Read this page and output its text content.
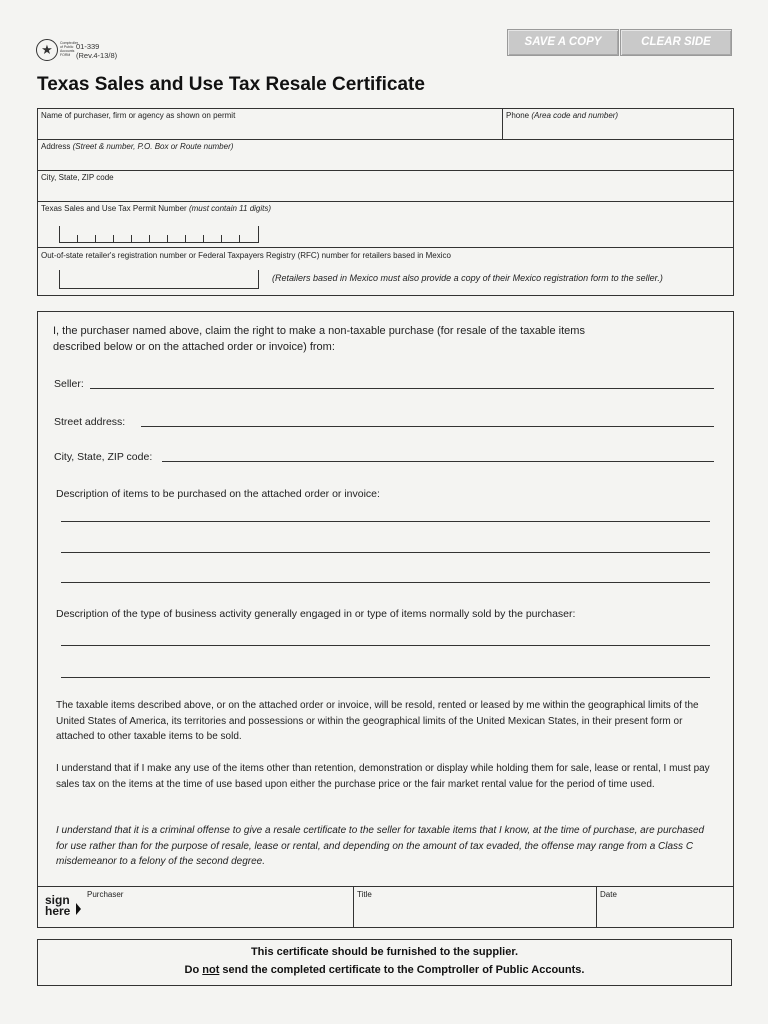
★	Comptroller of Public Accounts FORM
01-339
(Rev.4-13/8)
SAVE A COPY	CLEAR SIDE
Texas Sales and Use Tax Resale Certificate
Name of purchaser, firm or agency as shown on permit	Phone (Area code and number)
Address (Street & number, P.O. Box or Route number)
City, State, ZIP code
Texas Sales and Use Tax Permit Number (must contain 11 digits)
Out-of-state retailer's registration number or Federal Taxpayers Registry (RFC) number for retailers based in Mexico
(Retailers based in Mexico must also provide a copy of their Mexico registration form to the seller.)
I, the purchaser named above, claim the right to make a non-taxable purchase (for resale of the taxable items
described below or on the attached order or invoice) from:
Seller:
Street address:
City, State, ZIP code:
Description of items to be purchased on the attached order or invoice:
Description of the type of business activity generally engaged in or type of items normally sold by the purchaser:
The taxable items described above, or on the attached order or invoice, will be resold, rented or leased by me within the geographical limits of the United States of America, its territories and possessions or within the geographical limits of the United Mexican States, in their present form or attached to other taxable items to be sold.
I understand that if I make any use of the items other than retention, demonstration or display while holding them for sale, lease or rental, I must pay sales tax on the items at the time of use based upon either the purchase price or the fair market rental value for the period of time used.
I understand that it is a criminal offense to give a resale certificate to the seller for taxable items that I know, at the time of purchase, are purchased for use rather than for the purpose of resale, lease or rental, and depending on the amount of tax evaded, the offense may range from a Class C misdemeanor to a felony of the second degree.
sign
here
Purchaser	Title	Date
This certificate should be furnished to the supplier.
Do not send the completed certificate to the Comptroller of Public Accounts.
